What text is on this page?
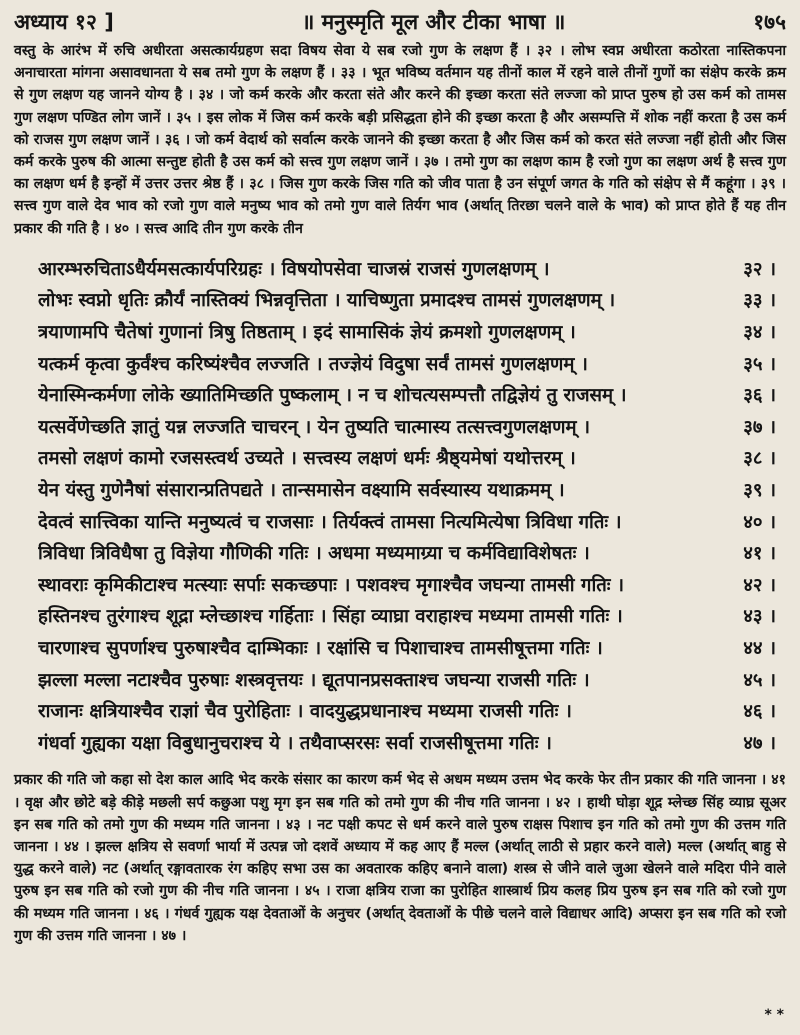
अध्याय १२ ]	॥ मनुस्मृति मूल और टीका भाषा ॥	१७५

वस्तु के आरंभ में रुचि अधीरता असत्कार्यग्रहण सदा विषय सेवा ये सब रजो गुण के लक्षण हैं । ३२ । लोभ स्वप्न अधीरता कठोरता नास्तिकपना अनाचारता मांगना असावधानता ये सब तमो गुण के लक्षण हैं । ३३ । भूत भविष्य वर्तमान यह तीनों काल में रहने वाले तीनों गुणों का संक्षेप करके क्रम से गुण लक्षण यह जानने योग्य है । ३४ । जो कर्म करके और करता संते और करने की इच्छा करता संते लज्जा को प्राप्त पुरुष हो उस कर्म को तामस गुण लक्षण पण्डित लोग जानें । ३५ । इस लोक में जिस कर्म करके बड़ी प्रसिद्धता होने की इच्छा करता है और असम्पत्ति में शोक नहीं करता है उस कर्म को राजस गुण लक्षण जानें । ३६ । जो कर्म वेदार्थ को सर्वात्म करके जानने की इच्छा करता है और जिस कर्म को करत संते लज्जा नहीं होती और जिस कर्म करके पुरुष की आत्मा सन्तुष्ट होती है उस कर्म को सत्त्व गुण लक्षण जानें । ३७ । तमो गुण का लक्षण काम है रजो गुण का लक्षण अर्थ है सत्त्व गुण का लक्षण धर्म है इन्हों में उत्तर उत्तर श्रेष्ठ हैं । ३८ । जिस गुण करके जिस गति को जीव पाता है उन संपूर्ण जगत के गति को संक्षेप से मैं कहूंगा । ३९ । सत्त्व गुण वाले देव भाव को रजो गुण वाले मनुष्य भाव को तमो गुण वाले तिर्यग भाव (अर्थात् तिरछा चलने वाले के भाव) को प्राप्त होते हैं यह तीन प्रकार की गति है । ४० । सत्त्व आदि तीन गुण करके तीन

आरम्भरुचिताऽधैर्यमसत्कार्यपरिग्रहः । विषयोपसेवा चाजस्रं राजसं गुणलक्षणम् ।	३२ ।
लोभः स्वप्नो धृतिः क्रौर्यं नास्तिक्यं भिन्नवृत्तिता । याचिष्णुता प्रमादश्च तामसं गुणलक्षणम् ।	३३ ।
त्रयाणामपि चैतेषां गुणानां त्रिषु तिष्ठताम् । इदं सामासिकं ज्ञेयं क्रमशो गुणलक्षणम् ।	३४ ।
यत्कर्म कृत्वा कुर्वंश्च करिष्यंश्चैव लज्जति । तज्ज्ञेयं विदुषा सर्वं तामसं गुणलक्षणम् ।	३५ ।
येनास्मिन्कर्मणा लोके ख्यातिमिच्छति पुष्कलाम् । न च शोचत्यसम्पत्तौ तद्विज्ञेयं तु राजसम् ।	३६ ।
यत्सर्वेणेच्छति ज्ञातुं यन्न लज्जति चाचरन् । येन तुष्यति चात्मास्य तत्सत्त्वगुणलक्षणम् ।	३७ ।
तमसो लक्षणं कामो रजसस्त्वर्थ उच्यते । सत्त्वस्य लक्षणं धर्मः श्रैष्ठ्यमेषां यथोत्तरम् ।	३८ ।
येन यंस्तु गुणेनैषां संसारान्प्रतिपद्यते । तान्समासेन वक्ष्यामि सर्वस्यास्य यथाक्रमम् ।	३९ ।
देवत्वं सात्त्विका यान्ति मनुष्यत्वं च राजसाः । तिर्यक्त्वं तामसा नित्यमित्येषा त्रिविधा गतिः ।	४० ।
त्रिविधा त्रिविधैषा तु विज्ञेया गौणिकी गतिः । अधमा मध्यमाग्र्या च कर्मविद्याविशेषतः ।	४१ ।
स्थावराः कृमिकीटाश्च मत्स्याः सर्पाः सकच्छपाः । पशवश्च मृगाश्चैव जघन्या तामसी गतिः ।	४२ ।
हस्तिनश्च तुरंगाश्च शूद्रा म्लेच्छाश्च गर्हिताः । सिंहा व्याघ्रा वराहाश्च मध्यमा तामसी गतिः ।	४३ ।
चारणाश्च सुपर्णाश्च पुरुषाश्चैव दाम्भिकाः । रक्षांसि च पिशाचाश्च तामसीषूत्तमा गतिः ।	४४ ।
झल्ला मल्ला नटाश्चैव पुरुषाः शस्त्रवृत्तयः । द्यूतपानप्रसक्ताश्च जघन्या राजसी गतिः ।	४५ ।
राजानः क्षत्रियाश्चैव राज्ञां चैव पुरोहिताः । वादयुद्धप्रधानाश्च मध्यमा राजसी गतिः ।	४६ ।
गंधर्वा गुह्यका यक्षा विबुधानुचराश्च ये । तथैवाप्सरसः सर्वा राजसीषूत्तमा गतिः ।	४७ ।

प्रकार की गति जो कहा सो देश काल आदि भेद करके संसार का कारण कर्म भेद से अधम मध्यम उत्तम भेद करके फेर तीन प्रकार की गति जानना । ४१ । वृक्ष और छोटे बड़े कीड़े मछली सर्प कछुआ पशु मृग इन सब गति को तमो गुण की नीच गति जानना । ४२ । हाथी घोड़ा शूद्र म्लेच्छ सिंह व्याघ्र सूअर इन सब गति को तमो गुण की मध्यम गति जानना । ४३ । नट पक्षी कपट से धर्म करने वाले पुरुष राक्षस पिशाच इन गति को तमो गुण की उत्तम गति जानना । ४४ । झल्ल क्षत्रिय से सवर्णा भार्या में उत्पन्न जो दशवें अध्याय में कह आए हैं मल्ल (अर्थात् लाठी से प्रहार करने वाले) मल्ल (अर्थात् बाहु से युद्ध करने वाले) नट (अर्थात् रङ्गावतारक रंग कहिए सभा उस का अवतारक कहिए बनाने वाला) शस्त्र से जीने वाले जुआ खेलने वाले मदिरा पीने वाले पुरुष इन सब गति को रजो गुण की नीच गति जानना । ४५ । राजा क्षत्रिय राजा का पुरोहित शास्त्रार्थ प्रिय कलह प्रिय पुरुष इन सब गति को रजो गुण की मध्यम गति जानना । ४६ । गंधर्व गुह्यक यक्ष देवताओं के अनुचर (अर्थात् देवताओं के पीछे चलने वाले विद्याधर आदि) अप्सरा इन सब गति को रजो गुण की उत्तम गति जानना । ४७ ।

* *
